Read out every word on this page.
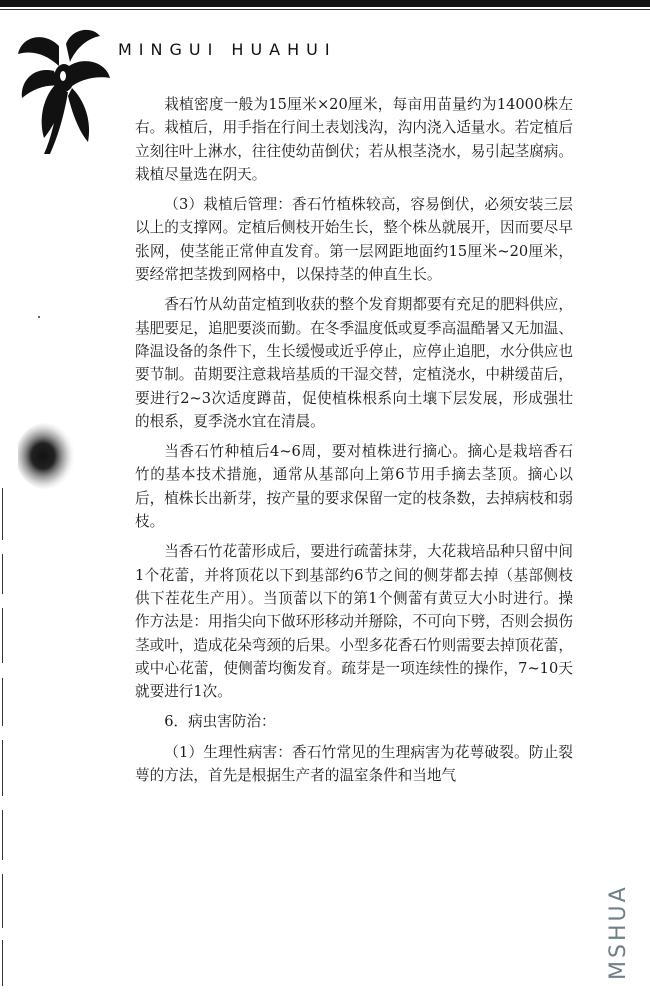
MINGUI HUAHUI

栽植密度一般为15厘米×20厘米，每亩用苗量约为14000株左右。栽植后，用手指在行间土表划浅沟，沟内浇入适量水。若定植后立刻往叶上淋水，往往使幼苗倒伏；若从根茎浇水，易引起茎腐病。栽植尽量选在阴天。

（3）栽植后管理：香石竹植株较高，容易倒伏，必须安装三层以上的支撑网。定植后侧枝开始生长，整个株丛就展开，因而要尽早张网，使茎能正常伸直发育。第一层网距地面约15厘米~20厘米，要经常把茎拨到网格中，以保持茎的伸直生长。

香石竹从幼苗定植到收获的整个发育期都要有充足的肥料供应，基肥要足，追肥要淡而勤。在冬季温度低或夏季高温酷暑又无加温、降温设备的条件下，生长缓慢或近乎停止，应停止追肥，水分供应也要节制。苗期要注意栽培基质的干湿交替，定植浇水，中耕缓苗后，要进行2~3次适度蹲苗，促使植株根系向土壤下层发展，形成强壮的根系，夏季浇水宜在清晨。

当香石竹种植后4~6周，要对植株进行摘心。摘心是栽培香石竹的基本技术措施，通常从基部向上第6节用手摘去茎顶。摘心以后，植株长出新芽，按产量的要求保留一定的枝条数，去掉病枝和弱枝。

当香石竹花蕾形成后，要进行疏蕾抹芽，大花栽培品种只留中间1个花蕾，并将顶花以下到基部约6节之间的侧芽都去掉（基部侧枝供下茬花生产用）。当顶蕾以下的第1个侧蕾有黄豆大小时进行。操作方法是：用指尖向下做环形移动并掰除，不可向下劈，否则会损伤茎或叶，造成花朵弯颈的后果。小型多花香石竹则需要去掉顶花蕾，或中心花蕾，使侧蕾均衡发育。疏芽是一项连续性的操作，7~10天就要进行1次。

6．病虫害防治：

（1）生理性病害：香石竹常见的生理病害为花萼破裂。防止裂萼的方法，首先是根据生产者的温室条件和当地气

MSHUA
